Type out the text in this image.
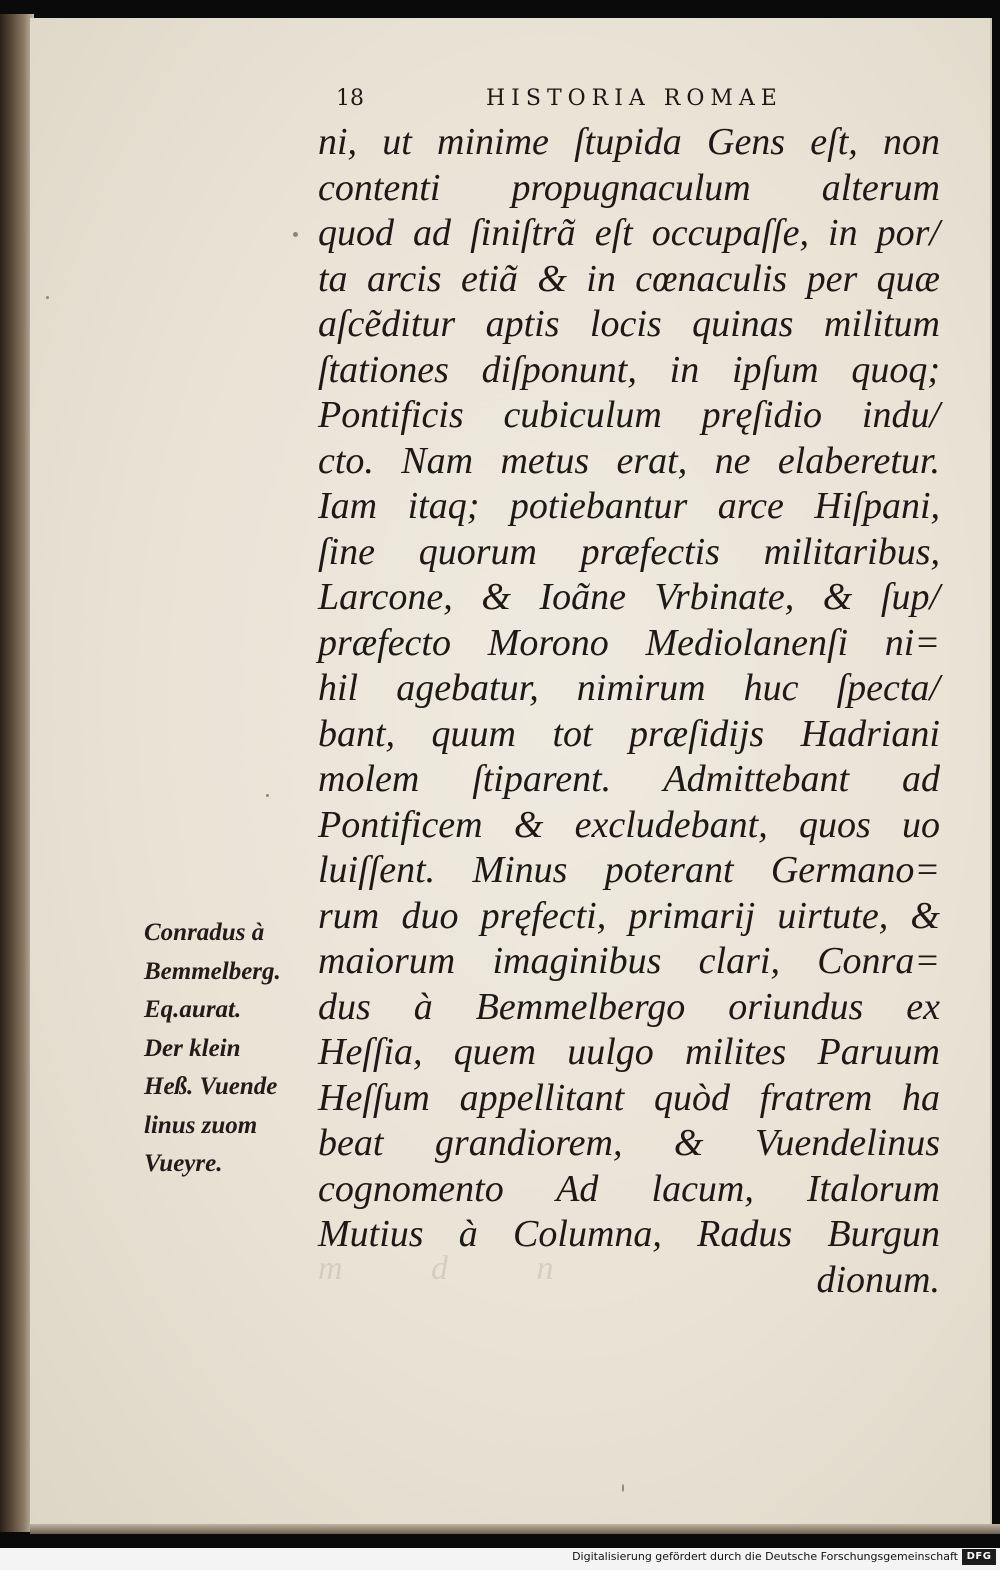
m d n
18	HISTORIA ROMAE
ni, ut minime ſtupida Gens eſt, non
contenti propugnaculum alterum
quod ad ſiniſtrã eſt occupaſſe, in por/
ta arcis etiã & in cœnaculis per quæ
aſcẽditur aptis locis quinas militum
ſtationes diſponunt, in ipſum quoq;
Pontificis cubiculum pręſidio indu/
cto. Nam metus erat, ne elaberetur.
Iam itaq; potiebantur arce Hiſpani,
ſine quorum præfectis militaribus,
Larcone, & Ioãne Vrbinate, & ſup/
præfecto Morono Mediolanenſi ni=
hil agebatur, nimirum huc ſpecta/
bant, quum tot præſidijs Hadriani
molem ſtiparent. Admittebant ad
Pontificem & excludebant, quos uo
luiſſent. Minus poterant Germano=
rum duo pręfecti, primarij uirtute, &
maiorum imaginibus clari, Conra=
dus à Bemmelbergo oriundus ex
Heſſia, quem uulgo milites Paruum
Heſſum appellitant quòd fratrem ha
beat grandiorem, & Vuendelinus
cognomento Ad lacum, Italorum
Mutius à Columna, Radus Burgun
dionum.
Conradus à
Bemmelberg.
Eq.aurat.
Der klein
Heß. Vuende
linus zuom
Vueyre.
Digitalisierung gefördert durch die Deutsche Forschungsgemeinschaft DFG
